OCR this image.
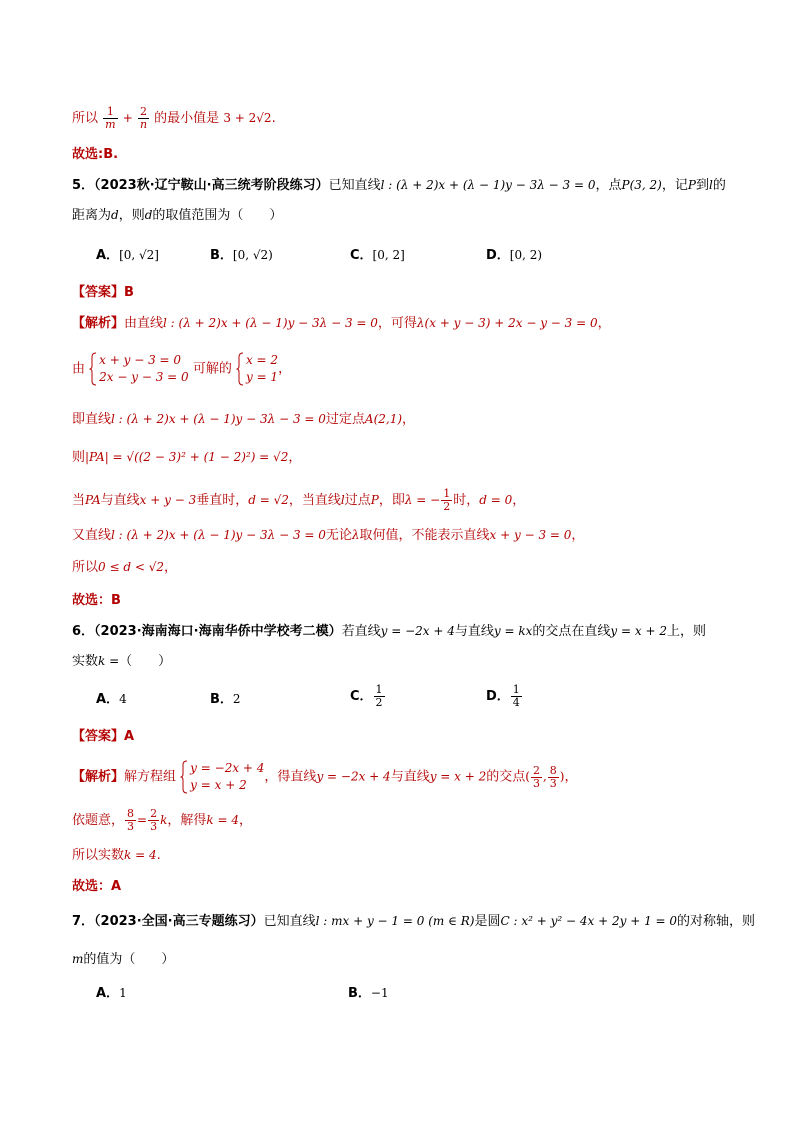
所以 $\frac{1}{m} + \frac{2}{n}$ 的最小值是 3 + 2√2.
故选:B.
5．（2023秋·辽宁鞍山·高三统考阶段练习）已知直线l : (λ + 2)x + (λ − 1)y − 3λ − 3 = 0，点P(3, 2)，记P到l的
距离为d，则d的取值范围为（　　）
A．[0, √2]	B．[0, √2)	C．[0, 2]	D．[0, 2)
【答案】B
【解析】由直线l : (λ + 2)x + (λ − 1)y − 3λ − 3 = 0，可得λ(x + y − 3) + 2x − y − 3 = 0，
由
x + y − 3 = 0
2x − y − 3 = 0
可解的
x = 2
y = 1
，
即直线l : (λ + 2)x + (λ − 1)y − 3λ − 3 = 0过定点A(2,1)，
则|PA| = √((2 − 3)² + (1 − 2)²) = √2，
当PA与直线x + y − 3垂直时，d = √2，当直线l过点P，即λ = − $\frac{1}{2}$ 时，d = 0，
又直线l : (λ + 2)x + (λ − 1)y − 3λ − 3 = 0无论λ取何值，不能表示直线x + y − 3 = 0，
所以0 ≤ d < √2，
故选：B
6．（2023·海南海口·海南华侨中学校考二模）若直线y = −2x + 4与直线y = kx的交点在直线y = x + 2上，则
实数k =（　　）
A．4	B．2	C． $\frac{1}{2}$	D． $\frac{1}{4}$
【答案】A
【解析】解方程组
y = −2x + 4
y = x + 2
，得直线y = −2x + 4与直线y = x + 2的交点( $\frac{2}{3}$ , $\frac{8}{3}$ )，
依题意， $\frac{8}{3} = \frac{2}{3}$ k，解得k = 4，
所以实数k = 4.
故选：A
7．（2023·全国·高三专题练习）已知直线l : mx + y − 1 = 0 (m ∈ R)是圆C : x² + y² − 4x + 2y + 1 = 0的对称轴，则
m的值为（　　）
A．1	B．−1
